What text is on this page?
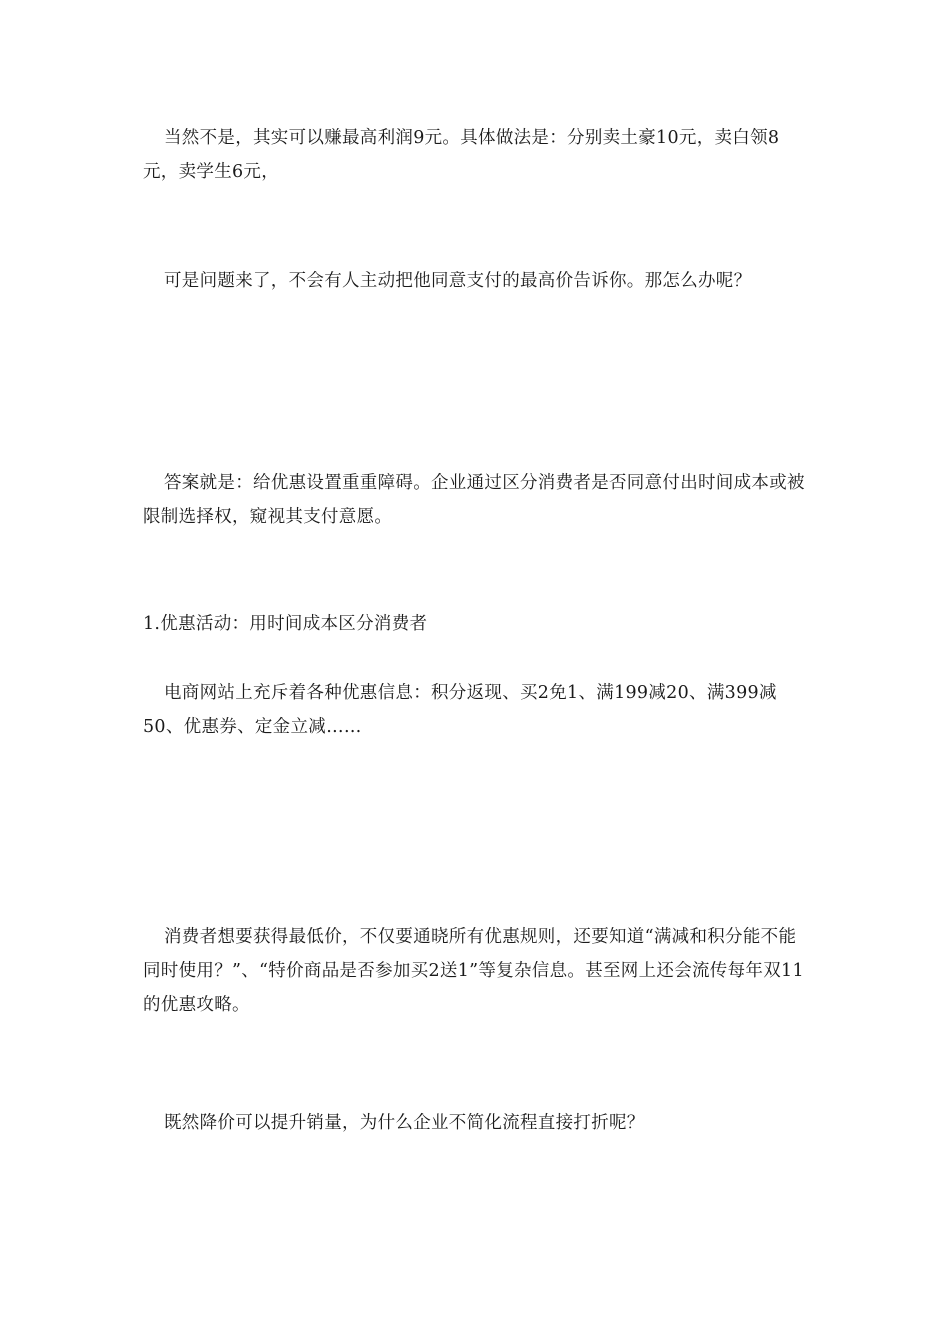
当然不是，其实可以赚最高利润9元。具体做法是：分别卖土豪10元，卖白领8元，卖学生6元，

可是问题来了，不会有人主动把他同意支付的最高价告诉你。那怎么办呢？

答案就是：给优惠设置重重障碍。企业通过区分消费者是否同意付出时间成本或被限制选择权，窥视其支付意愿。

1.优惠活动：用时间成本区分消费者

电商网站上充斥着各种优惠信息：积分返现、买2免1、满199减20、满399减50、优惠券、定金立减……

消费者想要获得最低价，不仅要通晓所有优惠规则，还要知道“满减和积分能不能同时使用？”、“特价商品是否参加买2送1”等复杂信息。甚至网上还会流传每年双11的优惠攻略。

既然降价可以提升销量，为什么企业不简化流程直接打折呢？
